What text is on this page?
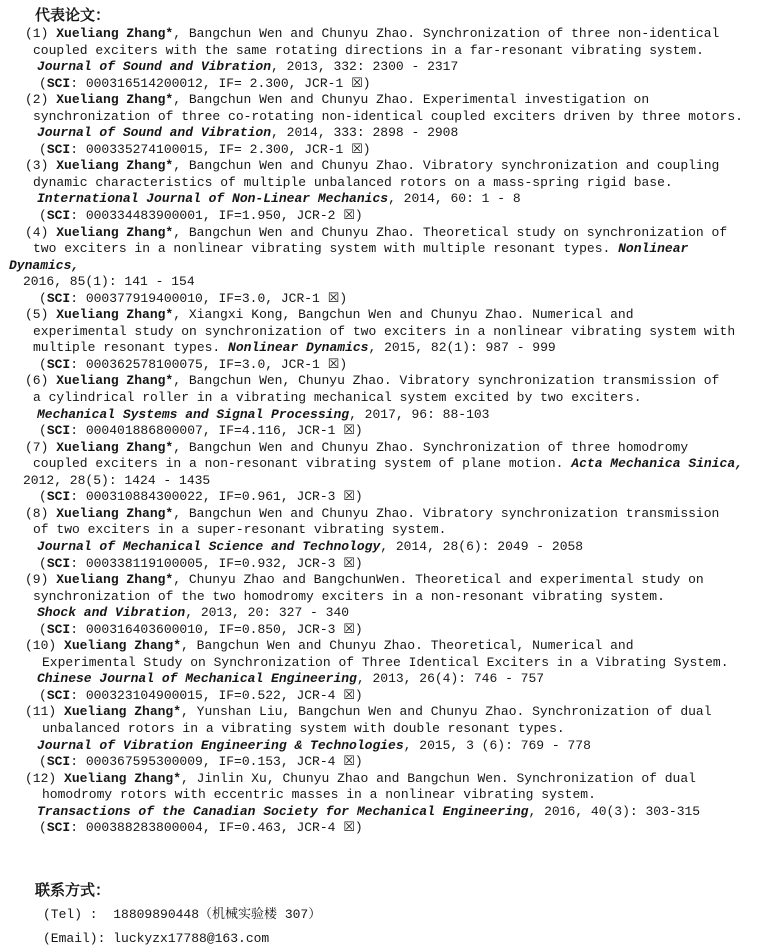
代表论文：
(1) Xueliang Zhang*, Bangchun Wen and Chunyu Zhao. Synchronization of three non-identical
coupled exciters with the same rotating directions in a far-resonant vibrating system.
Journal of Sound and Vibration, 2013, 332: 2300 - 2317
(SCI: 000316514200012, IF= 2.300, JCR-1 ☒)
(2) Xueliang Zhang*, Bangchun Wen and Chunyu Zhao. Experimental investigation on
synchronization of three co-rotating non-identical coupled exciters driven by three motors.
Journal of Sound and Vibration, 2014, 333: 2898 - 2908
(SCI: 000335274100015, IF= 2.300, JCR-1 ☒)
(3) Xueliang Zhang*, Bangchun Wen and Chunyu Zhao. Vibratory synchronization and coupling
dynamic characteristics of multiple unbalanced rotors on a mass-spring rigid base.
International Journal of Non-Linear Mechanics, 2014, 60: 1 - 8
(SCI: 000334483900001, IF=1.950, JCR-2 ☒)
(4) Xueliang Zhang*, Bangchun Wen and Chunyu Zhao. Theoretical study on synchronization of
two exciters in a nonlinear vibrating system with multiple resonant types. Nonlinear
Dynamics,
2016, 85(1): 141 - 154
(SCI: 000377919400010, IF=3.0, JCR-1 ☒)
(5) Xueliang Zhang*, Xiangxi Kong, Bangchun Wen and Chunyu Zhao. Numerical and
experimental study on synchronization of two exciters in a nonlinear vibrating system with
multiple resonant types. Nonlinear Dynamics, 2015, 82(1): 987 - 999
(SCI: 000362578100075, IF=3.0, JCR-1 ☒)
(6) Xueliang Zhang*, Bangchun Wen, Chunyu Zhao. Vibratory synchronization transmission of
a cylindrical roller in a vibrating mechanical system excited by two exciters.
Mechanical Systems and Signal Processing, 2017, 96: 88-103
(SCI: 000401886800007, IF=4.116, JCR-1 ☒)
(7) Xueliang Zhang*, Bangchun Wen and Chunyu Zhao. Synchronization of three homodromy
coupled exciters in a non-resonant vibrating system of plane motion. Acta Mechanica Sinica,
2012, 28(5): 1424 - 1435
(SCI: 000310884300022, IF=0.961, JCR-3 ☒)
(8) Xueliang Zhang*, Bangchun Wen and Chunyu Zhao. Vibratory synchronization transmission
of two exciters in a super-resonant vibrating system.
Journal of Mechanical Science and Technology, 2014, 28(6): 2049 - 2058
(SCI: 000338119100005, IF=0.932, JCR-3 ☒)
(9) Xueliang Zhang*, Chunyu Zhao and BangchunWen. Theoretical and experimental study on
synchronization of the two homodromy exciters in a non-resonant vibrating system.
Shock and Vibration, 2013, 20: 327 - 340
(SCI: 000316403600010, IF=0.850, JCR-3 ☒)
(10) Xueliang Zhang*, Bangchun Wen and Chunyu Zhao. Theoretical, Numerical and
Experimental Study on Synchronization of Three Identical Exciters in a Vibrating System.
Chinese Journal of Mechanical Engineering, 2013, 26(4): 746 - 757
(SCI: 000323104900015, IF=0.522, JCR-4 ☒)
(11) Xueliang Zhang*, Yunshan Liu, Bangchun Wen and Chunyu Zhao. Synchronization of dual
unbalanced rotors in a vibrating system with double resonant types.
Journal of Vibration Engineering & Technologies, 2015, 3 (6): 769 - 778
(SCI: 000367595300009, IF=0.153, JCR-4 ☒)
(12) Xueliang Zhang*, Jinlin Xu, Chunyu Zhao and Bangchun Wen. Synchronization of dual
homodromy rotors with eccentric masses in a nonlinear vibrating system.
Transactions of the Canadian Society for Mechanical Engineering, 2016, 40(3): 303-315
(SCI: 000388283800004, IF=0.463, JCR-4 ☒)
联系方式：
(Tel) :  18809890448（机械实验楼 307）
(Email): luckyzx17788@163.com
